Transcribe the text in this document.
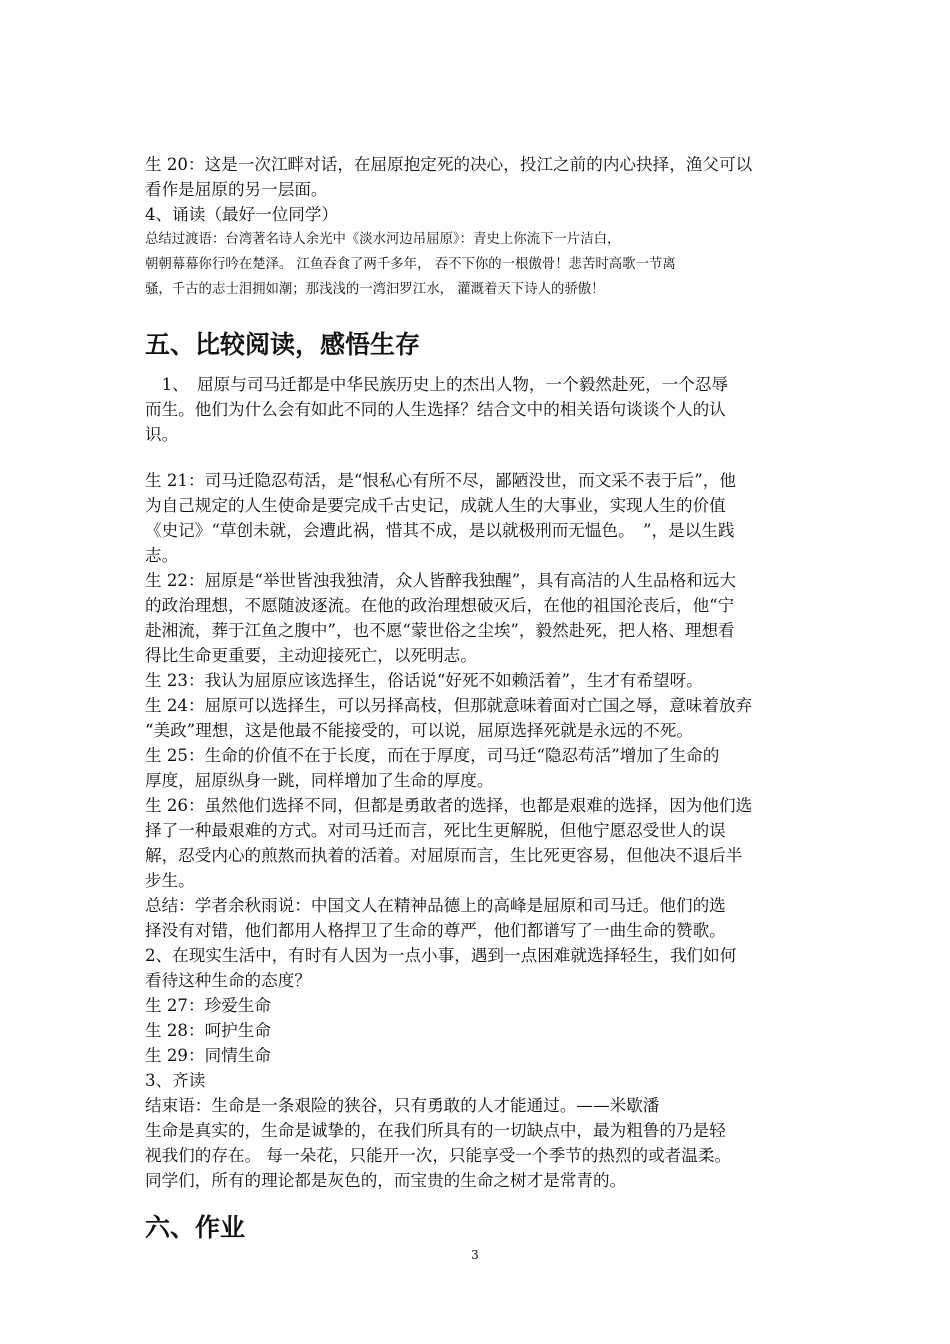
生 20：这是一次江畔对话，在屈原抱定死的决心，投江之前的内心抉择，渔父可以
看作是屈原的另一层面。
4、诵读（最好一位同学）
总结过渡语：台湾著名诗人余光中《淡水河边吊屈原》：青史上你流下一片洁白，
朝朝幕幕你行吟在楚泽。 江鱼吞食了两千多年， 吞不下你的一根傲骨！悲苦时高歌一节离
骚，千古的志士泪拥如潮；那浅浅的一湾汩罗江水， 灌溉着天下诗人的骄傲！
五、比较阅读，感悟生存
　1、　屈原与司马迁都是中华民族历史上的杰出人物，一个毅然赴死，一个忍辱
而生。他们为什么会有如此不同的人生选择？结合文中的相关语句谈谈个人的认
识。
生 21：司马迁隐忍苟活，是“恨私心有所不尽，鄙陋没世，而文采不表于后”，他
为自己规定的人生使命是要完成千古史记，成就人生的大事业，实现人生的价值
《史记》“草创未就，会遭此祸，惜其不成，是以就极刑而无愠色。　”，是以生践
志。
生 22：屈原是“举世皆浊我独清，众人皆醉我独醒”，具有高洁的人生品格和远大
的政治理想，不愿随波逐流。在他的政治理想破灭后，在他的祖国沦丧后，他“宁
赴湘流，葬于江鱼之腹中”，也不愿“蒙世俗之尘埃”，毅然赴死，把人格、理想看
得比生命更重要，主动迎接死亡，以死明志。
生 23：我认为屈原应该选择生，俗话说“好死不如赖活着”，生才有希望呀。
生 24：屈原可以选择生，可以另择高枝，但那就意味着面对亡国之辱，意味着放弃
“美政”理想，这是他最不能接受的，可以说，屈原选择死就是永远的不死。
生 25：生命的价值不在于长度，而在于厚度，司马迁“隐忍苟活”增加了生命的
厚度，屈原纵身一跳，同样增加了生命的厚度。
生 26：虽然他们选择不同，但都是勇敢者的选择，也都是艰难的选择，因为他们选
择了一种最艰难的方式。对司马迁而言，死比生更解脱，但他宁愿忍受世人的误
解，忍受内心的煎熬而执着的活着。对屈原而言，生比死更容易，但他决不退后半
步生。
总结：学者余秋雨说：中国文人在精神品德上的高峰是屈原和司马迁。他们的选
择没有对错，他们都用人格捍卫了生命的尊严，他们都谱写了一曲生命的赞歌。
2、在现实生活中，有时有人因为一点小事，遇到一点困难就选择轻生，我们如何
看待这种生命的态度？
生 27：珍爱生命
生 28：呵护生命
生 29：同情生命
3、齐读
结束语：生命是一条艰险的狭谷，只有勇敢的人才能通过。——米歇潘
生命是真实的，生命是诚挚的，在我们所具有的一切缺点中，最为粗鲁的乃是轻
视我们的存在。 每一朵花，只能开一次，只能享受一个季节的热烈的或者温柔。
同学们，所有的理论都是灰色的，而宝贵的生命之树才是常青的。
六、作业
3
